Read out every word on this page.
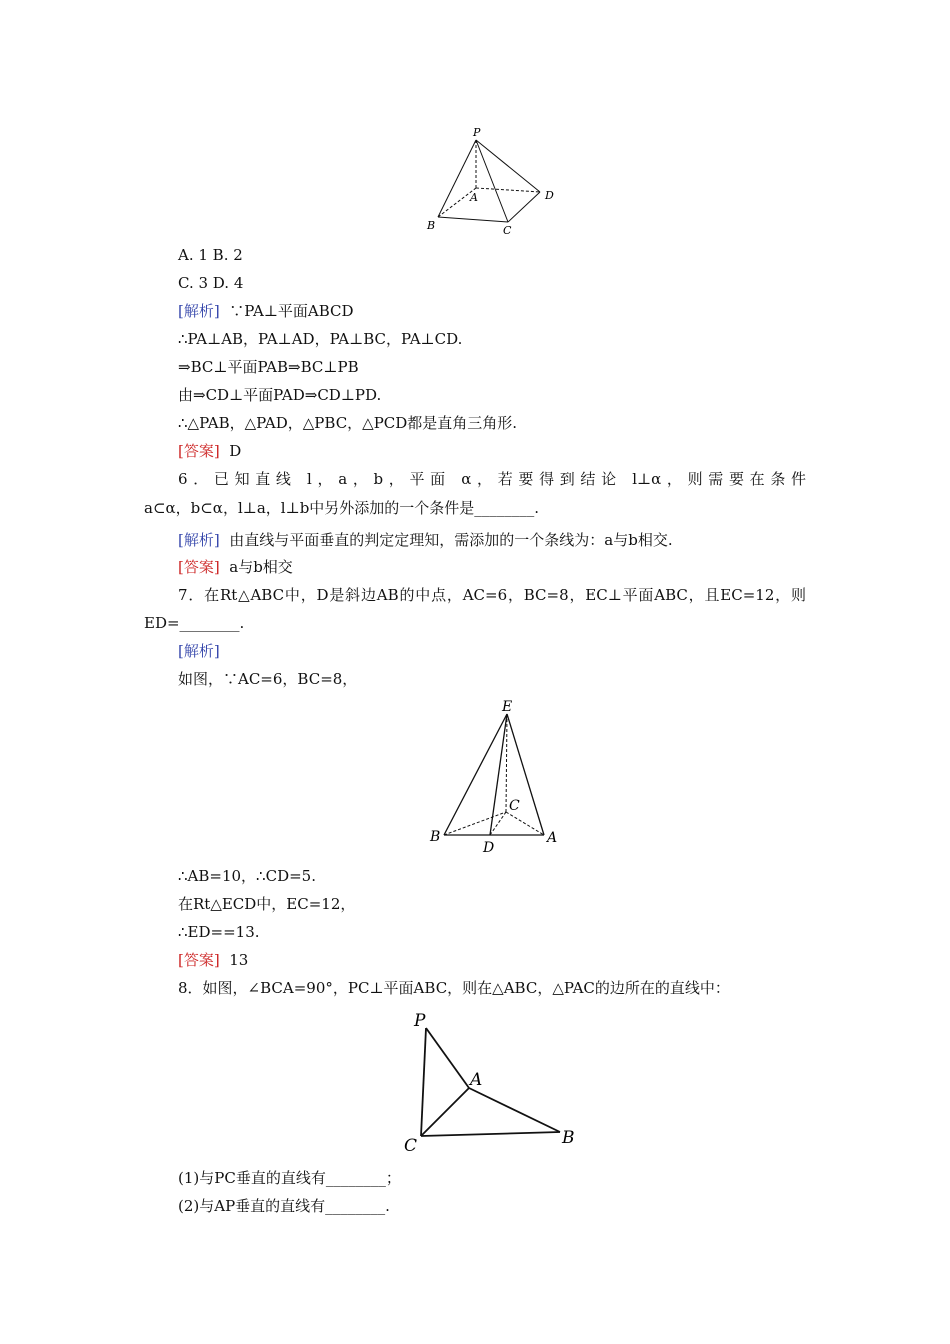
P
A
B	C
D
A. 1 B. 2
C. 3 D. 4
[解析] ∵PA⊥平面ABCD
∴PA⊥AB，PA⊥AD，PA⊥BC，PA⊥CD.
⇒BC⊥平面PAB⇒BC⊥PB
由⇒CD⊥平面PAD⇒CD⊥PD.
∴△PAB，△PAD，△PBC，△PCD都是直角三角形.
[答案] D
6．已知直线 l，a，b，平面 α，若要得到结论 l⊥α，则需要在条件
a⊂α，b⊂α，l⊥a，l⊥b中另外添加的一个条件是________.
[解析] 由直线与平面垂直的判定定理知，需添加的一个条线为：a与b相交.
[答案] a与b相交
7．在Rt△ABC中，D是斜边AB的中点，AC=6，BC=8，EC⊥平面ABC，且EC=12，则
ED=________.
[解析]
如图，∵AC=6，BC=8，
E
C
B
D
A
∴AB=10，∴CD=5.
在Rt△ECD中，EC=12，
∴ED==13.
[答案] 13
8．如图，∠BCA=90°，PC⊥平面ABC，则在△ABC，△PAC的边所在的直线中：
P
A
C	B
(1)与PC垂直的直线有________；
(2)与AP垂直的直线有________.
